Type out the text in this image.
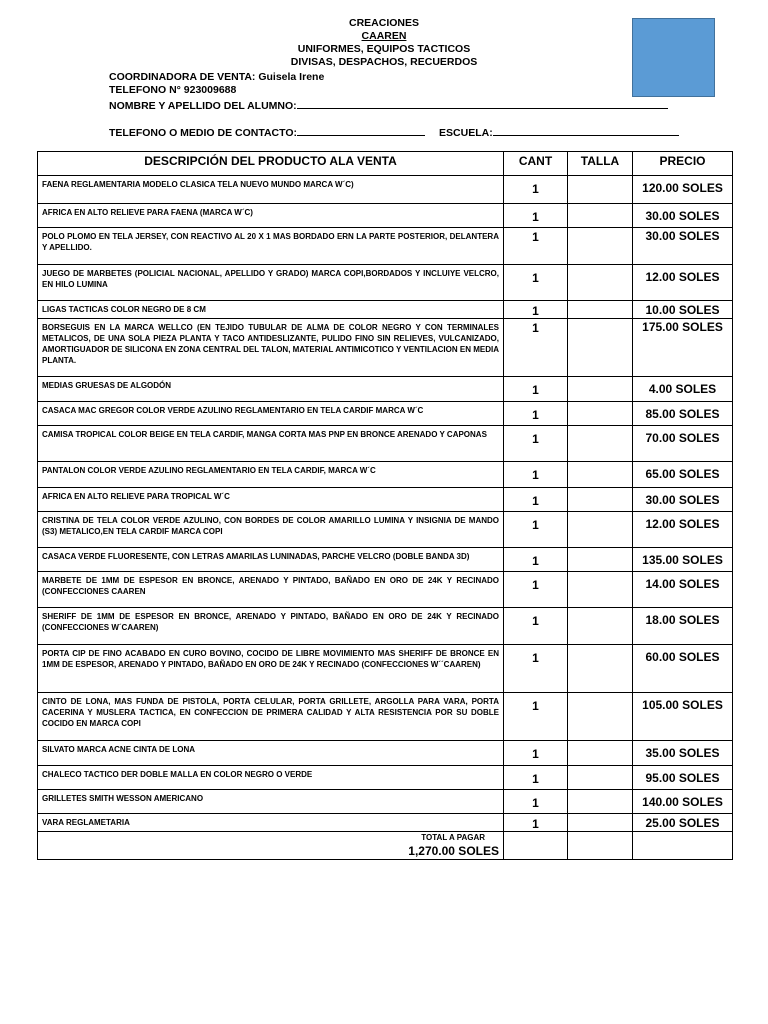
CREACIONES
CAAREN
UNIFORMES, EQUIPOS TACTICOS
DIVISAS, DESPACHOS, RECUERDOS
COORDINADORA DE VENTA: Guisela Irene
TELEFONO N° 923009688
NOMBRE Y APELLIDO DEL ALUMNO:
TELEFONO O MEDIO DE CONTACTO:	ESCUELA:
DESCRIPCIÓN DEL PRODUCTO ALA VENTA	CANT	TALLA	PRECIO
FAENA REGLAMENTARIA MODELO CLASICA TELA NUEVO MUNDO MARCA W´C)	1		120.00 SOLES
AFRICA EN ALTO RELIEVE PARA FAENA (MARCA W´C)	1		30.00 SOLES
POLO PLOMO EN TELA JERSEY, CON REACTIVO AL 20 X 1 MAS BORDADO ERN LA PARTE POSTERIOR, DELANTERA Y APELLIDO.	1		30.00 SOLES
JUEGO DE MARBETES (POLICIAL NACIONAL, APELLIDO Y GRADO) MARCA COPI,BORDADOS Y INCLUIYE VELCRO, EN HILO LUMINA	1		12.00 SOLES
LIGAS TACTICAS COLOR NEGRO DE 8 CM	1		10.00 SOLES
BORSEGUIS EN LA MARCA WELLCO (EN TEJIDO TUBULAR DE ALMA DE COLOR NEGRO Y CON TERMINALES METALICOS, DE UNA SOLA PIEZA PLANTA Y TACO ANTIDESLIZANTE, PULIDO FINO SIN RELIEVES, VULCANIZADO, AMORTIGUADOR DE SILICONA EN ZONA CENTRAL DEL TALON, MATERIAL ANTIMICOTICO Y VENTILACION EN MEDIA PLANTA.	1		175.00 SOLES
MEDIAS GRUESAS DE ALGODÓN	1		4.00 SOLES
CASACA MAC GREGOR COLOR VERDE AZULINO REGLAMENTARIO EN TELA CARDIF MARCA W´C	1		85.00 SOLES
CAMISA TROPICAL COLOR BEIGE EN TELA CARDIF, MANGA CORTA MAS PNP EN BRONCE ARENADO Y CAPONAS	1		70.00 SOLES
PANTALON COLOR VERDE AZULINO REGLAMENTARIO EN TELA CARDIF, MARCA W´C	1		65.00 SOLES
AFRICA EN ALTO RELIEVE PARA TROPICAL W´C	1		30.00 SOLES
CRISTINA DE TELA COLOR VERDE AZULINO, CON BORDES DE COLOR AMARILLO LUMINA Y INSIGNIA DE MANDO (S3) METALICO,EN TELA CARDIF MARCA COPI	1		12.00 SOLES
CASACA VERDE FLUORESENTE, CON LETRAS AMARILAS LUNINADAS, PARCHE VELCRO (DOBLE BANDA 3D)	1		135.00 SOLES
MARBETE DE 1MM DE ESPESOR EN BRONCE, ARENADO Y PINTADO, BAÑADO EN ORO DE 24K Y RECINADO (CONFECCIONES CAAREN	1		14.00 SOLES
SHERIFF DE 1MM DE ESPESOR EN BRONCE, ARENADO Y PINTADO, BAÑADO EN ORO DE 24K Y RECINADO (CONFECCIONES W´CAAREN)	1		18.00 SOLES
PORTA CIP DE FINO ACABADO EN CURO BOVINO, COCIDO DE LIBRE MOVIMIENTO MAS SHERIFF DE BRONCE EN 1MM DE ESPESOR, ARENADO Y PINTADO, BAÑADO EN ORO DE 24K Y RECINADO (CONFECCIONES W´´CAAREN)	1		60.00 SOLES
CINTO DE LONA, MAS FUNDA DE PISTOLA, PORTA CELULAR, PORTA GRILLETE, ARGOLLA PARA VARA, PORTA CACERINA Y MUSLERA TACTICA, EN CONFECCION DE PRIMERA CALIDAD Y ALTA RESISTENCIA POR SU DOBLE COCIDO EN MARCA COPI	1		105.00 SOLES
SILVATO MARCA ACNE CINTA DE LONA	1		35.00 SOLES
CHALECO TACTICO DER DOBLE MALLA EN COLOR NEGRO O VERDE	1		95.00 SOLES
GRILLETES SMITH WESSON AMERICANO	1		140.00 SOLES
VARA REGLAMETARIA	1		25.00 SOLES

TOTAL A PAGAR
1,270.00 SOLES			
